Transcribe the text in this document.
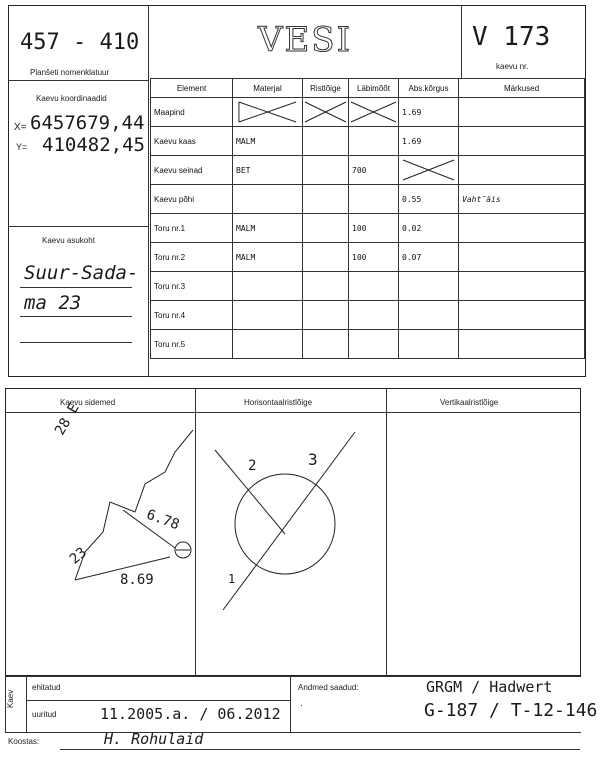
457 - 410
Planšeti nomenklatuur
VESI	V 173
kaevu nr.
Kaevu koordinaadid
X= 6457679,44
Y= 410482,45
Kaevu asukoht
Suur-Sada-
ma 23
Element	Materjal	Ristlõige	Läbimõõt	Abs.kõrgus	Märkused
Maapind				1.69	
Kaevu kaas	MALM			1.69	
Kaevu seinad	BET		700	

Kaevu põhi				0.55	Vaht̃äis
Toru nr.1	MALM		100	0.02	
Toru nr.2	MALM		100	0.07	
Toru nr.3					
Toru nr.4					
Toru nr.5					
Kaevu sidemed	Horisontaalristlõige	Vertikaalristlõige
28 E
6.78
8.69
23
2	3
1
Kaev
ehitatud
uuritud	11.2005.a. / 06.2012
Andmed saadud:
.
GRGM / Hadwert
G-187 / T-12-146
Koostas:	H. Rohulaid
